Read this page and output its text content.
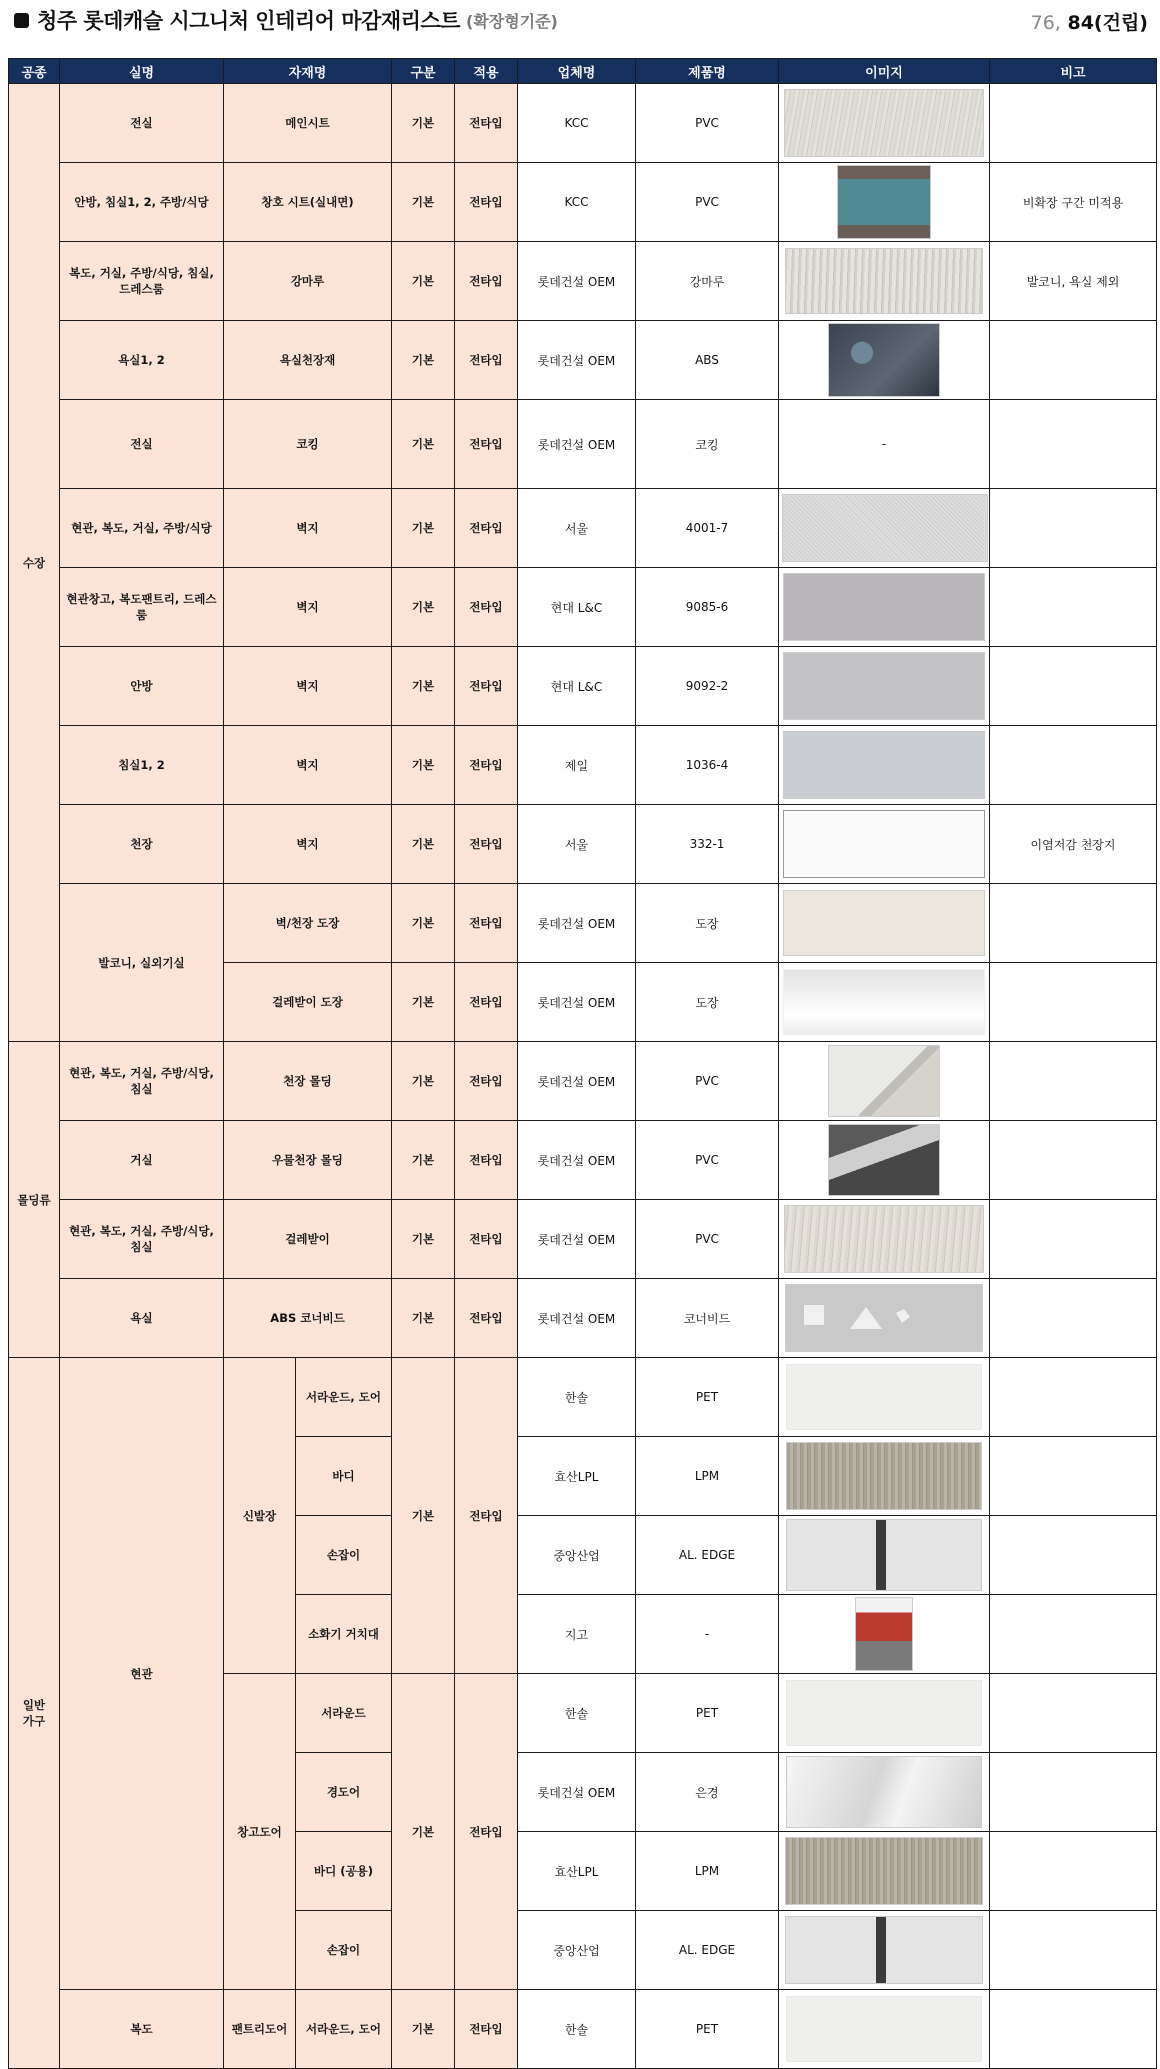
청주 롯데캐슬 시그니처 인테리어 마감재리스트 (확장형기준)	76, 84(건립)
공종	실명	자재명		구분	적용	업체명	제품명	이미지	비고
수장	전실	메인시트		기본	전타입	KCC	PVC	

	안방, 침실1, 2, 주방/식당	창호 시트(실내면)		기본	전타입	KCC	PVC		비확장 구간 미적용
	복도, 거실, 주방/식당, 침실, 드레스룸	강마루		기본	전타입	롯데건설 OEM	강마루		발코니, 욕실 제외
	욕실1, 2	욕실천장재		기본	전타입	롯데건설 OEM	ABS	

	전실	코킹		기본	전타입	롯데건설 OEM	코킹	-	
	현관, 복도, 거실, 주방/식당	벽지		기본	전타입	서울	4001-7	

	현관창고, 복도팬트리, 드레스룸	벽지		기본	전타입	현대 L&C	9085-6	

	안방	벽지		기본	전타입	현대 L&C	9092-2	

	침실1, 2	벽지		기본	전타입	제일	1036-4	

	천장	벽지		기본	전타입	서울	332-1		이염저감 천장지
	발코니, 실외기실	벽/천장 도장		기본	전타입	롯데건설 OEM	도장	

		걸레받이 도장		기본	전타입	롯데건설 OEM	도장	

몰딩류	현관, 복도, 거실, 주방/식당, 침실	천장 몰딩		기본	전타입	롯데건설 OEM	PVC	

	거실	우물천장 몰딩		기본	전타입	롯데건설 OEM	PVC	

	현관, 복도, 거실, 주방/식당, 침실	걸레받이		기본	전타입	롯데건설 OEM	PVC	

	욕실	ABS 코너비드		기본	전타입	롯데건설 OEM	코너비드	

일반
가구	현관	신발장	서라운드, 도어	기본	전타입	한솔	PET	

			바디			효산LPL	LPM	

			손잡이			중앙산업	AL. EDGE	

			소화기 거치대			지고	-	

		창고도어	서라운드	기본	전타입	한솔	PET	

			경도어			롯데건설 OEM	은경	

			바디 (공용)			효산LPL	LPM	

			손잡이			중앙산업	AL. EDGE	

	복도	팬트리도어	서라운드, 도어	기본	전타입	한솔	PET	
